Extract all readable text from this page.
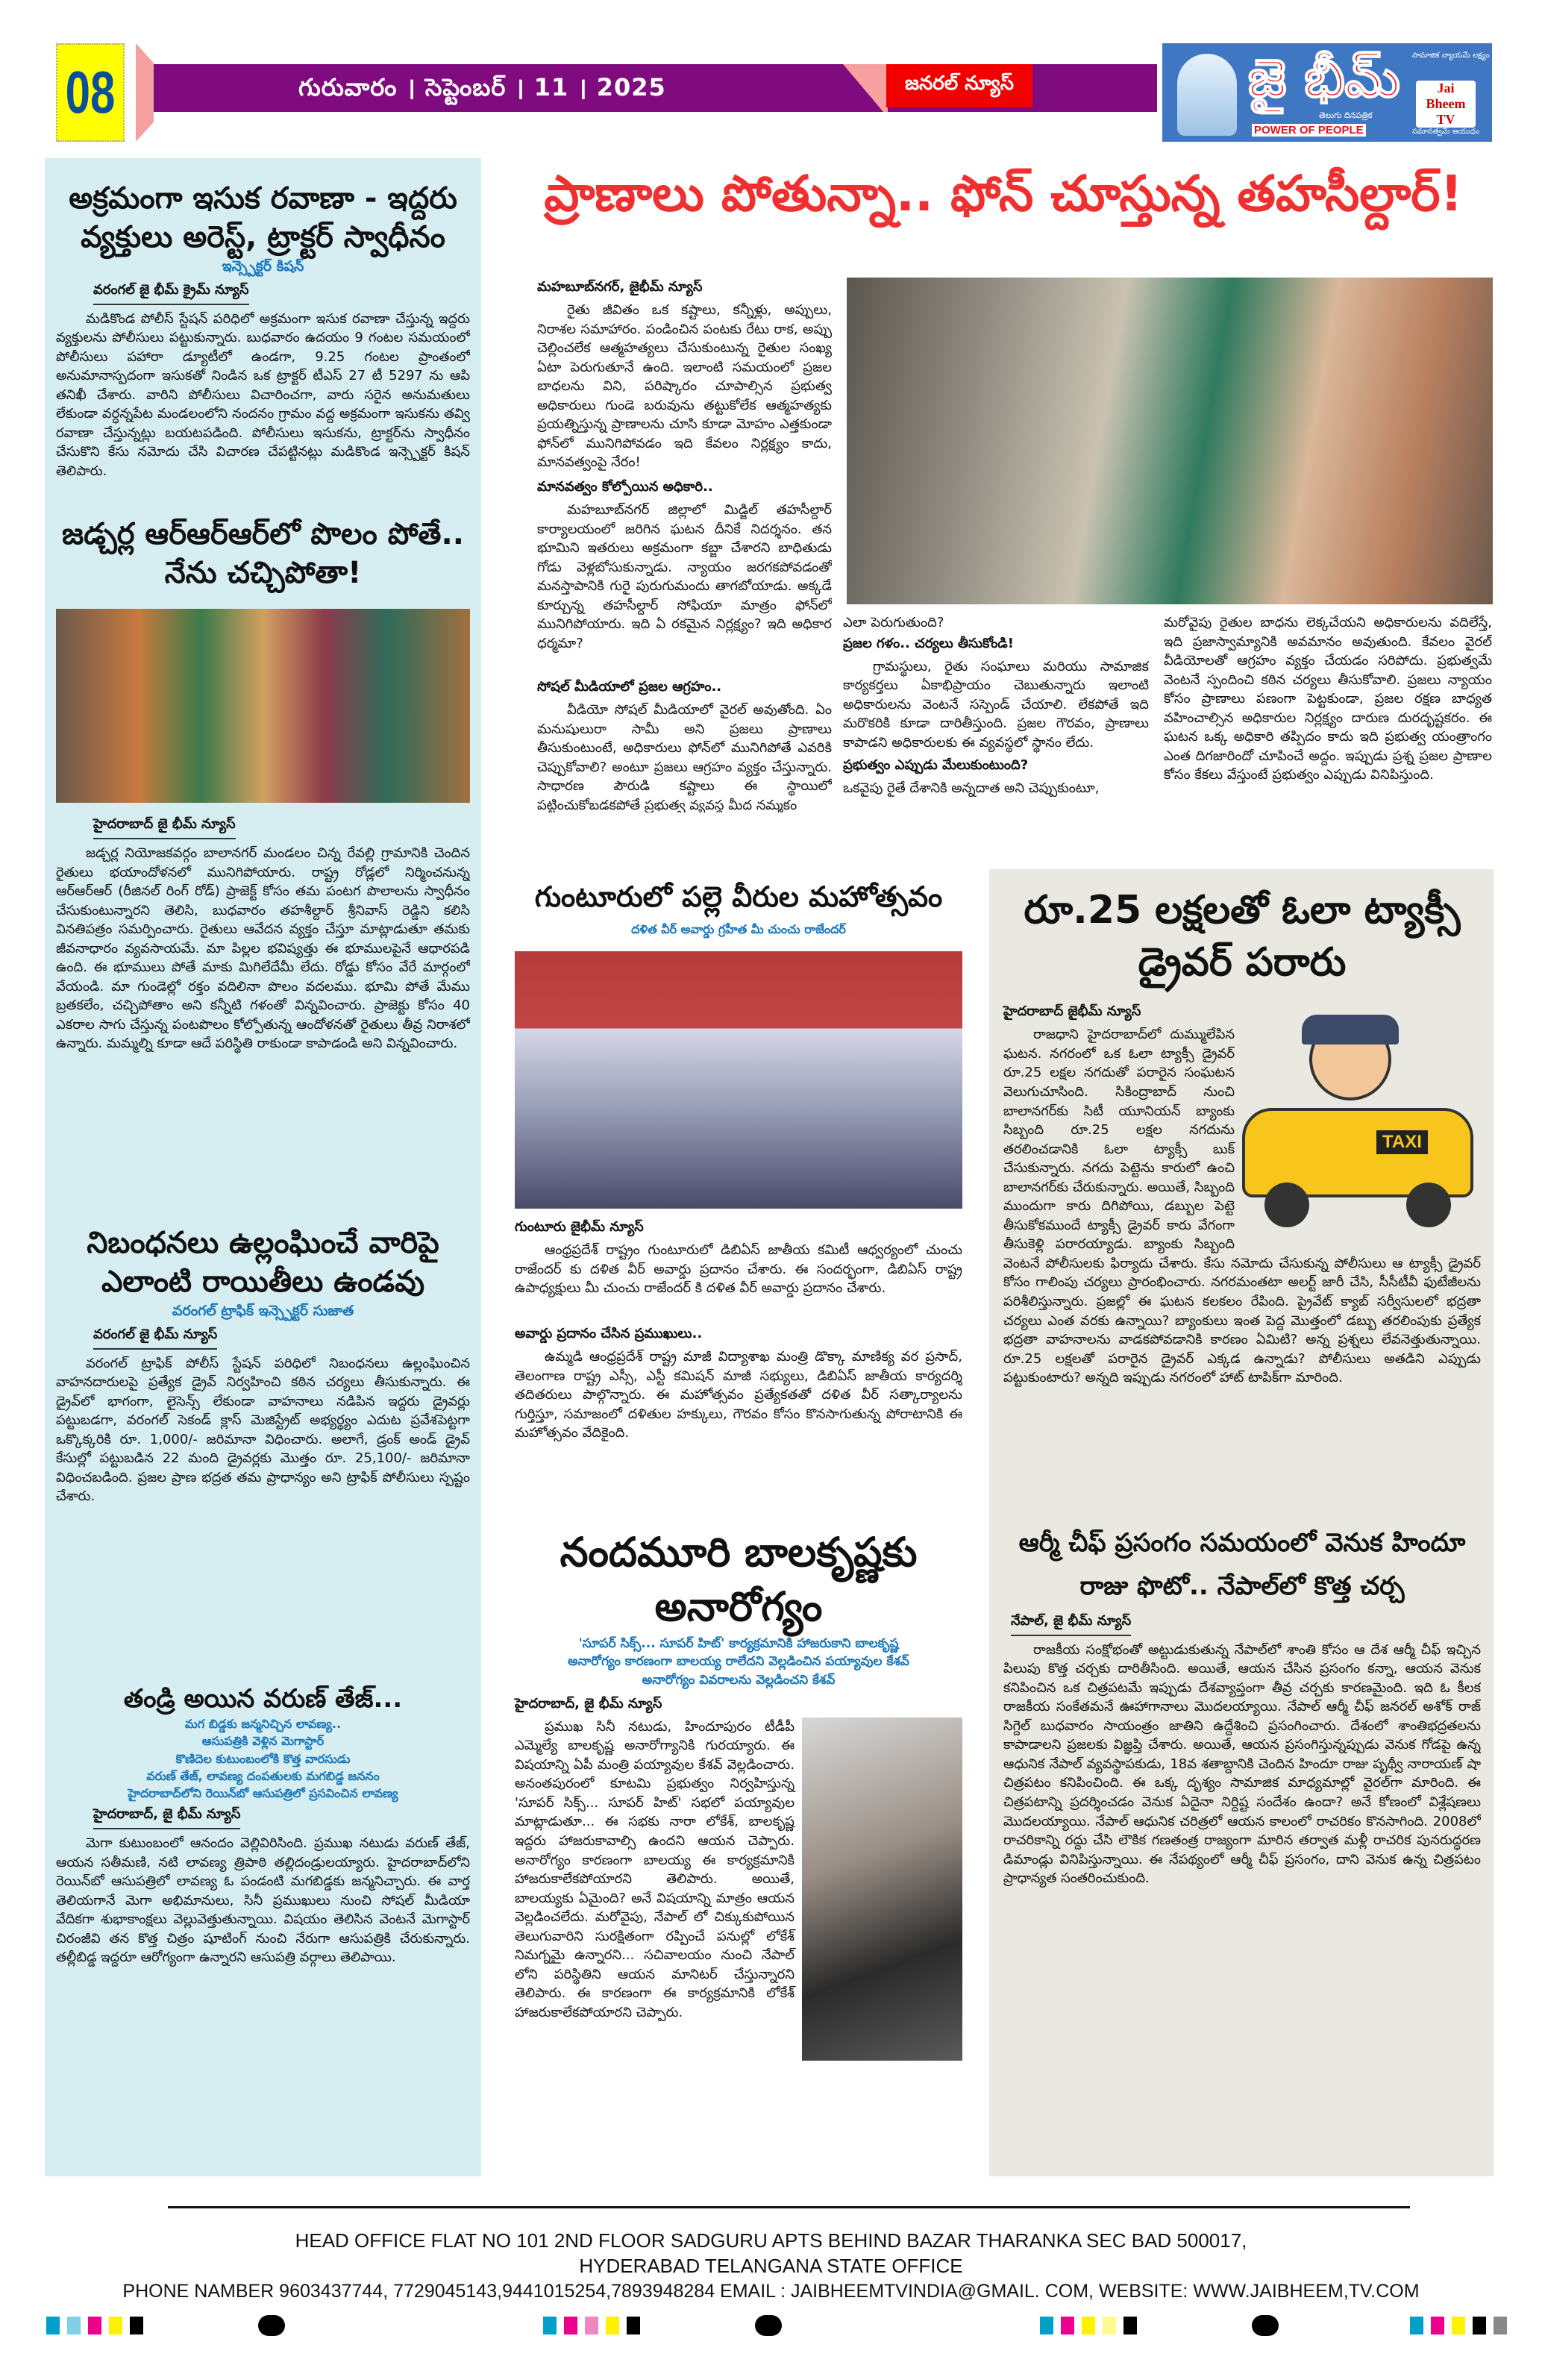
08	గురువారం । సెప్టెంబర్ । 11 । 2025	జనరల్ న్యూస్	జై భీమ్
తెలుగు దినపత్రిక
POWER OF PEOPLE
సామాజిక న్యాయమే లక్ష్యం
Jai Bheem TV
సమానత్వమే ఆయుధం
అక్రమంగా ఇసుక రవాణా - ఇద్దరు వ్యక్తులు అరెస్ట్, ట్రాక్టర్ స్వాధీనం
ఇన్స్పెక్టర్ కిషన్
వరంగల్ జై భీమ్ క్రైమ్ న్యూస్

మడికొండ పోలీస్ స్టేషన్ పరిధిలో అక్రమంగా ఇసుక రవాణా చేస్తున్న ఇద్దరు వ్యక్తులను పోలీసులు పట్టుకున్నారు. బుధవారం ఉదయం 9 గంటల సమయంలో పోలీసులు పహారా డ్యూటీలో ఉండగా, 9.25 గంటల ప్రాంతంలో అనుమానాస్పదంగా ఇసుకతో నిండిన ఒక ట్రాక్టర్ టీఎస్ 27 టీ 5297 ను ఆపి తనిఖీ చేశారు. వారిని పోలీసులు విచారించగా, వారు సరైన అనుమతులు లేకుండా వర్ధన్నపేట మండలంలోని నందనం గ్రామం వద్ద అక్రమంగా ఇసుకను తవ్వి రవాణా చేస్తున్నట్లు బయటపడింది. పోలీసులు ఇసుకను, ట్రాక్టర్‌ను స్వాధీనం చేసుకొని కేసు నమోదు చేసి విచారణ చేపట్టినట్లు మడికొండ ఇన్స్పెక్టర్ కిషన్ తెలిపారు.

జడ్చర్ల ఆర్ఆర్ఆర్‌లో పొలం పోతే.. నేను చచ్చిపోతా!
హైదరాబాద్ జై భీమ్ న్యూస్

జడ్చర్ల నియోజకవర్గం బాలానగర్ మండలం చిన్న రేవల్లి గ్రామానికి చెందిన రైతులు భయాందోళనలో మునిగిపోయారు. రాష్ట్ర రోడ్లలో నిర్మించనున్న ఆర్ఆర్ఆర్ (రీజినల్ రింగ్ రోడ్) ప్రాజెక్ట్ కోసం తమ పంటగ పొలాలను స్వాధీనం చేసుకుంటున్నారని తెలిసి, బుధవారం తహశీల్దార్ శ్రీనివాస్ రెడ్డిని కలిసి వినతిపత్రం సమర్పించారు. రైతులు ఆవేదన వ్యక్తం చేస్తూ మాట్లాడుతూ తమకు జీవనాధారం వ్యవసాయమే. మా పిల్లల భవిష్యత్తు ఈ భూములపైనే ఆధారపడి ఉంది. ఈ భూములు పోతే మాకు మిగిలేదేమీ లేదు. రోడ్డు కోసం వేరే మార్గంలో వేయండి. మా గుండెల్లో రక్తం వదిలినా పొలం వదలము. భూమి పోతే మేము బ్రతకలేం, చచ్చిపోతాం అని కన్నీటి గళంతో విన్నవించారు. ప్రాజెక్టు కోసం 40 ఎకరాల సాగు చేస్తున్న పంటపొలం కోల్పోతున్న ఆందోళనతో రైతులు తీవ్ర నిరాశలో ఉన్నారు. మమ్మల్ని కూడా ఆదే పరిస్థితి రాకుండా కాపాడండి అని విన్నవించారు.

నిబంధనలు ఉల్లంఘించే వారిపై ఎలాంటి రాయితీలు ఉండవు
వరంగల్ ట్రాఫిక్ ఇన్స్పెక్టర్ సుజాత
వరంగల్ జై భీమ్ న్యూస్

వరంగల్ ట్రాఫిక్ పోలీస్ స్టేషన్ పరిధిలో నిబంధనలు ఉల్లంఘించిన వాహనదారులపై ప్రత్యేక డ్రైవ్ నిర్వహించి కఠిన చర్యలు తీసుకున్నారు. ఈ డ్రైవ్‌లో భాగంగా, లైసెన్స్ లేకుండా వాహనాలు నడిపిన ఇద్దరు డ్రైవర్లు పట్టుబడగా, వరంగల్ సెకండ్ క్లాస్ మెజిస్ట్రేట్ అభ్యర్థ్యం ఎదుట ప్రవేశపెట్టగా ఒక్కొక్కరికి రూ. 1,000/- జరిమానా విధించారు. అలాగే, డ్రంక్ అండ్ డ్రైవ్ కేసుల్లో పట్టుబడిన 22 మంది డ్రైవర్లకు మొత్తం రూ. 25,100/- జరిమానా విధించబడింది. ప్రజల ప్రాణ భద్రత తమ ప్రాధాన్యం అని ట్రాఫిక్ పోలీసులు స్పష్టం చేశారు.

తండ్రి అయిన వరుణ్ తేజ్...
మగ బిడ్డకు జన్మనిచ్చిన లావణ్య..
ఆసుపత్రికి వెళ్లిన మెగాస్టార్
కొణిదెల కుటుంబంలోకి కొత్త వారసుడు
వరుణ్ తేజ్, లావణ్య దంపతులకు మగబిడ్డ జననం
హైదరాబాద్‌లోని రెయిన్‌బో ఆసుపత్రిలో ప్రసవించిన లావణ్య
హైదరాబాద్, జై భీమ్ న్యూస్

మెగా కుటుంబంలో ఆనందం వెల్లివిరిసింది. ప్రముఖ నటుడు వరుణ్ తేజ్, ఆయన సతీమణి, నటి లావణ్య త్రిపాఠి తల్లిదండ్రులయ్యారు. హైదరాబాద్‌లోని రెయిన్‌బో ఆసుపత్రిలో లావణ్య ఓ పండంటి మగబిడ్డకు జన్మనిచ్చారు. ఈ వార్త తెలియగానే మెగా అభిమానులు, సినీ ప్రముఖులు నుంచి సోషల్ మీడియా వేదికగా శుభాకాంక్షలు వెల్లువెత్తుతున్నాయి. విషయం తెలిసిన వెంటనే మెగాస్టార్ చిరంజీవి తన కొత్త చిత్రం షూటింగ్ నుంచి నేరుగా ఆసుపత్రికి చేరుకున్నారు. తల్లీబిడ్డ ఇద్దరూ ఆరోగ్యంగా ఉన్నారని ఆసుపత్రి వర్గాలు తెలిపాయి.

ప్రాణాలు పోతున్నా.. ఫోన్ చూస్తున్న తహసీల్దార్!
మహబూబ్‌నగర్, జైభీమ్ న్యూస్

రైతు జీవితం ఒక కష్టాలు, కన్నీళ్లు, అప్పులు, నిరాశల సమాహారం. పండించిన పంటకు రేటు రాక, అప్పు చెల్లించలేక ఆత్మహత్యలు చేసుకుంటున్న రైతుల సంఖ్య ఏటా పెరుగుతూనే ఉంది. ఇలాంటి సమయంలో ప్రజల బాధలను విని, పరిష్కారం చూపాల్సిన ప్రభుత్వ అధికారులు గుండె బరువును తట్టుకోలేక ఆత్మహత్యకు ప్రయత్నిస్తున్న ప్రాణాలను చూసి కూడా మోహం ఎత్తకుండా ఫోన్‌లో మునిగిపోవడం ఇది కేవలం నిర్లక్ష్యం కాదు, మానవత్వంపై నేరం!

మానవత్వం కోల్పోయిన అధికారి..

మహబూబ్‌నగర్ జిల్లాలో మిడ్జిల్ తహసీల్దార్ కార్యాలయంలో జరిగిన ఘటన దీనికే నిదర్శనం. తన భూమిని ఇతరులు అక్రమంగా కబ్జా చేశారని బాధితుడు గోడు వెళ్లబోసుకున్నాడు. న్యాయం జరగకపోవడంతో మనస్తాపానికి గురై పురుగుమందు తాగబోయాడు. అక్కడే కూర్చున్న తహసీల్దార్ సోఫియా మాత్రం ఫోన్‌లో మునిగిపోయారు. ఇది ఏ రకమైన నిర్లక్ష్యం? ఇది అధికార ధర్మమా?

సోషల్ మీడియాలో ప్రజల ఆగ్రహం..

వీడియో సోషల్ మీడియాలో వైరల్ అవుతోంది. ఏం మనుషులురా సామీ అని ప్రజలు ప్రాణాలు తీసుకుంటుంటే, అధికారులు ఫోన్‌లో మునిగిపోతే ఎవరికి చెప్పుకోవాలి? అంటూ ప్రజలు ఆగ్రహం వ్యక్తం చేస్తున్నారు. సాధారణ పౌరుడి కష్టాలు ఈ స్థాయిలో పట్టించుకోబడకపోతే ప్రభుత్వ వ్యవస్థ మీద నమ్మకం

ఎలా పెరుగుతుంది?

ప్రజల గళం.. చర్యలు తీసుకోండి!

గ్రామస్థులు, రైతు సంఘాలు మరియు సామాజిక కార్యకర్తలు ఏకాభిప్రాయం చెబుతున్నారు ఇలాంటి అధికారులను వెంటనే సస్పెండ్ చేయాలి. లేకపోతే ఇది మరొకరికి కూడా దారితీస్తుంది. ప్రజల గౌరవం, ప్రాణాలు కాపాడని అధికారులకు ఈ వ్యవస్థలో స్థానం లేదు.

ప్రభుత్వం ఎప్పుడు మేలుకుంటుంది?

ఒకవైపు రైతే దేశానికి అన్నదాత అని చెప్పుకుంటూ,

మరోవైపు రైతుల బాధను లెక్కచేయని అధికారులను వదిలేస్తే, ఇది ప్రజాస్వామ్యానికి అవమానం అవుతుంది. కేవలం వైరల్ వీడియోలతో ఆగ్రహం వ్యక్తం చేయడం సరిపోదు. ప్రభుత్వమే వెంటనే స్పందించి కఠిన చర్యలు తీసుకోవాలి. ప్రజలు న్యాయం కోసం ప్రాణాలు పణంగా పెట్టకుండా, ప్రజల రక్షణ బాధ్యత వహించాల్సిన అధికారుల నిర్లక్ష్యం దారుణ దురదృష్టకరం. ఈ ఘటన ఒక్క అధికారి తప్పిదం కాదు ఇది ప్రభుత్వ యంత్రాంగం ఎంత దిగజారిందో చూపించే అద్దం. ఇప్పుడు ప్రశ్న ప్రజల ప్రాణాల కోసం కేకలు వేస్తుంటే ప్రభుత్వం ఎప్పుడు వినిపిస్తుంది.

గుంటూరులో పల్లె వీరుల మహోత్సవం
దళిత వీర్ అవార్డు గ్రహీత మీ చుంచు రాజేందర్
గుంటూరు జైభీమ్ న్యూస్

ఆంధ్రప్రదేశ్ రాష్ట్రం గుంటూరులో డిబిఏస్ జాతీయ కమిటీ ఆధ్వర్యంలో చుంచు రాజేందర్ కు దళిత వీర్ అవార్డు ప్రదానం చేశారు. ఈ సందర్భంగా, డిబిఏస్ రాష్ట్ర ఉపాధ్యక్షులు మీ చుంచు రాజేందర్ కి దళిత వీర్ అవార్డు ప్రదానం చేశారు.

అవార్డు ప్రదానం చేసిన ప్రముఖులు..

ఉమ్మడి ఆంధ్రప్రదేశ్ రాష్ట్ర మాజీ విద్యాశాఖ మంత్రి డొక్కా మాణిక్య వర ప్రసాద్, తెలంగాణ రాష్ట్ర ఎస్సీ, ఎస్టీ కమిషన్ మాజీ సభ్యులు, డిబిఏస్ జాతీయ కార్యదర్శి తదితరులు పాల్గొన్నారు. ఈ మహోత్సవం ప్రత్యేకతతో దళిత వీర్ సత్కార్యాలను గుర్తిస్తూ, సమాజంలో దళితుల హక్కులు, గౌరవం కోసం కొనసాగుతున్న పోరాటానికి ఈ మహోత్సవం వేదికైంది.

రూ.25 లక్షలతో ఓలా ట్యాక్సీ డ్రైవర్ పరారు
TAXI
హైదరాబాద్ జైభీమ్ న్యూస్

రాజధాని హైదరాబాద్‌లో దుమ్ములేపిన ఘటన. నగరంలో ఒక ఓలా ట్యాక్సీ డ్రైవర్ రూ.25 లక్షల నగదుతో పరారైన సంఘటన వెలుగుచూసింది. సికింద్రాబాద్ నుంచి బాలానగర్‌కు సిటీ యూనియన్ బ్యాంకు సిబ్బంది రూ.25 లక్షల నగదును తరలించడానికి ఓలా ట్యాక్సీ బుక్ చేసుకున్నారు. నగదు పెట్టెను కారులో ఉంచి బాలానగర్‌కు చేరుకున్నారు. అయితే, సిబ్బంది ముందుగా కారు దిగిపోయి, డబ్బుల పెట్టె తీసుకోకముందే ట్యాక్సీ డ్రైవర్ కారు వేగంగా తీసుకెళ్లి పరారయ్యాడు. బ్యాంకు సిబ్బంది వెంటనే పోలీసులకు ఫిర్యాదు చేశారు. కేసు నమోదు చేసుకున్న పోలీసులు ఆ ట్యాక్సీ డ్రైవర్ కోసం గాలింపు చర్యలు ప్రారంభించారు. నగరమంతటా అలర్ట్ జారీ చేసి, సీసీటీవీ ఫుటేజీలను పరిశీలిస్తున్నారు. ప్రజల్లో ఈ ఘటన కలకలం రేపింది. ప్రైవేట్ క్యాబ్ సర్వీసులలో భద్రతా చర్యలు ఎంత వరకు ఉన్నాయి? బ్యాంకులు ఇంత పెద్ద మొత్తంలో డబ్బు తరలింపుకు ప్రత్యేక భద్రతా వాహనాలను వాడకపోవడానికి కారణం ఏమిటి? అన్న ప్రశ్నలు లేవనెత్తుతున్నాయి. రూ.25 లక్షలతో పరారైన డ్రైవర్ ఎక్కడ ఉన్నాడు? పోలీసులు అతడిని ఎప్పుడు పట్టుకుంటారు? అన్నది ఇప్పుడు నగరంలో హాట్ టాపిక్‌గా మారింది.

ఆర్మీ చీఫ్ ప్రసంగం సమయంలో వెనుక హిందూ రాజు ఫొటో.. నేపాల్‌లో కొత్త చర్చ
నేపాల్, జై భీమ్ న్యూస్

రాజకీయ సంక్షోభంతో అట్టుడుకుతున్న నేపాల్‌లో శాంతి కోసం ఆ దేశ ఆర్మీ చీఫ్ ఇచ్చిన పిలుపు కొత్త చర్చకు దారితీసింది. అయితే, ఆయన చేసిన ప్రసంగం కన్నా, ఆయన వెనుక కనిపించిన ఒక చిత్రపటమే ఇప్పుడు దేశవ్యాప్తంగా తీవ్ర చర్చకు కారణమైంది. ఇది ఓ కీలక రాజకీయ సంకేతమనే ఊహాగానాలు మొదలయ్యాయి. నేపాల్ ఆర్మీ చీఫ్ జనరల్ అశోక్ రాజ్ సిగ్దెల్ బుధవారం సాయంత్రం జాతిని ఉద్దేశించి ప్రసంగించారు. దేశంలో శాంతిభద్రతలను కాపాడాలని ప్రజలకు విజ్ఞప్తి చేశారు. అయితే, ఆయన ప్రసంగిస్తున్నప్పుడు వెనుక గోడపై ఉన్న ఆధునిక నేపాల్ వ్యవస్థాపకుడు, 18వ శతాబ్దానికి చెందిన హిందూ రాజు పృథ్వీ నారాయణ్ షా చిత్రపటం కనిపించింది. ఈ ఒక్క దృశ్యం సామాజిక మాధ్యమాల్లో వైరల్‌గా మారింది. ఈ చిత్రపటాన్ని ప్రదర్శించడం వెనుక ఏదైనా నిర్దిష్ట సందేశం ఉందా? అనే కోణంలో విశ్లేషణలు మొదలయ్యాయి. నేపాల్ ఆధునిక చరిత్రలో ఆయన కాలంలో రాచరికం కొనసాగింది. 2008లో రాచరికాన్ని రద్దు చేసి లౌకిక గణతంత్ర రాజ్యంగా మారిన తర్వాత మళ్లీ రాచరిక పునరుద్ధరణ డిమాండ్లు వినిపిస్తున్నాయి. ఈ నేపథ్యంలో ఆర్మీ చీఫ్ ప్రసంగం, దాని వెనుక ఉన్న చిత్రపటం ప్రాధాన్యత సంతరించుకుంది.

నందమూరి బాలకృష్ణకు అనారోగ్యం
'సూపర్ సిక్స్... సూపర్ హిట్' కార్యక్రమానికి హాజరుకాని బాలకృష్ణ
అనారోగ్యం కారణంగా బాలయ్య రాలేదని వెల్లడించిన పయ్యావుల కేశవ్
అనారోగ్యం వివరాలను వెల్లడించని కేశవ్
హైదరాబాద్, జై భీమ్ న్యూస్

ప్రముఖ సినీ నటుడు, హిందూపురం టీడీపీ ఎమ్మెల్యే బాలకృష్ణ అనారోగ్యానికి గురయ్యారు. ఈ విషయాన్ని ఏపీ మంత్రి పయ్యావుల కేశవ్ వెల్లడించారు. అనంతపురంలో కూటమి ప్రభుత్వం నిర్వహిస్తున్న 'సూపర్ సిక్స్... సూపర్ హిట్' సభలో పయ్యావుల మాట్లాడుతూ... ఈ సభకు నారా లోకేశ్, బాలకృష్ణ ఇద్దరు హాజరుకావాల్సి ఉందని ఆయన చెప్పారు. అనారోగ్యం కారణంగా బాలయ్య ఈ కార్యక్రమానికి హాజరుకాలేకపోయారని తెలిపారు. అయితే, బాలయ్యకు ఏమైంది? అనే విషయాన్ని మాత్రం ఆయన వెల్లడించలేదు. మరోవైపు, నేపాల్ లో చిక్కుకుపోయిన తెలుగువారిని సురక్షితంగా రప్పించే పనుల్లో లోకేశ్ నిమగ్నమై ఉన్నారని... సచివాలయం నుంచి నేపాల్ లోని పరిస్థితిని ఆయన మానిటర్ చేస్తున్నారని తెలిపారు. ఈ కారణంగా ఈ కార్యక్రమానికి లోకేశ్ హాజరుకాలేకపోయారని చెప్పారు.

HEAD OFFICE FLAT NO 101 2ND FLOOR SADGURU APTS BEHIND BAZAR THARANKA SEC BAD 500017,
HYDERABAD TELANGANA STATE OFFICE
PHONE NAMBER 9603437744, 7729045143,9441015254,7893948284 EMAIL : JAIBHEEMTVINDIA@GMAIL. COM, WEBSITE: WWW.JAIBHEEM,TV.COM
